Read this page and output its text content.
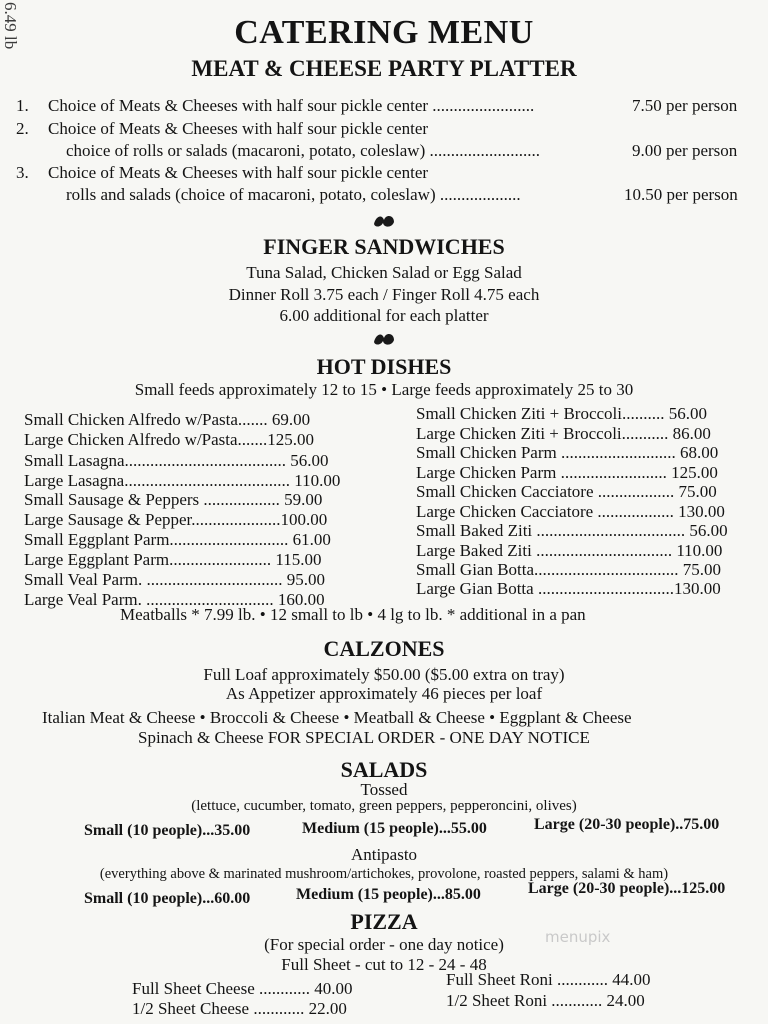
6.49 lb	CATERING MENU
MEAT & CHEESE PARTY PLATTER
1. Choice of Meats & Cheeses with half sour pickle center ........................	7.50 per person
2. Choice of Meats & Cheeses with half sour pickle center
choice of rolls or salads (macaroni, potato, coleslaw) ..........................	9.00 per person
3. Choice of Meats & Cheeses with half sour pickle center
rolls and salads (choice of macaroni, potato, coleslaw) ...................	10.50 per person
FINGER SANDWICHES
Tuna Salad, Chicken Salad or Egg Salad
Dinner Roll 3.75 each / Finger Roll 4.75 each
6.00 additional for each platter
HOT DISHES
Small feeds approximately 12 to 15 • Large feeds approximately 25 to 30
Small Chicken Alfredo w/Pasta....... 69.00
Large Chicken Alfredo w/Pasta.......125.00
Small Lasagna...................................... 56.00
Large Lasagna....................................... 110.00
Small Sausage & Peppers .................. 59.00
Large Sausage & Pepper.....................100.00
Small Eggplant Parm............................ 61.00
Large Eggplant Parm........................ 115.00
Small Veal Parm. ................................ 95.00
Large Veal Parm. .............................. 160.00
Small Chicken Ziti + Broccoli.......... 56.00
Large Chicken Ziti + Broccoli........... 86.00
Small Chicken Parm ........................... 68.00
Large Chicken Parm ......................... 125.00
Small Chicken Cacciatore .................. 75.00
Large Chicken Cacciatore .................. 130.00
Small Baked Ziti ................................... 56.00
Large Baked Ziti ................................ 110.00
Small Gian Botta.................................. 75.00
Large Gian Botta ................................130.00
Meatballs * 7.99 lb. • 12 small to lb • 4 lg to lb. * additional in a pan
CALZONES
Full Loaf approximately $50.00 ($5.00 extra on tray)
As Appetizer approximately 46 pieces per loaf
Italian Meat & Cheese • Broccoli & Cheese • Meatball & Cheese • Eggplant & Cheese
Spinach & Cheese FOR SPECIAL ORDER - ONE DAY NOTICE
SALADS
Tossed
(lettuce, cucumber, tomato, green peppers, pepperoncini, olives)
Small (10 people)...35.00	Medium (15 people)...55.00	Large (20-30 people)..75.00
Antipasto
(everything above & marinated mushroom/artichokes, provolone, roasted peppers, salami & ham)
Small (10 people)...60.00	Medium (15 people)...85.00	Large (20-30 people)...125.00
PIZZA
(For special order - one day notice)
Full Sheet - cut to 12 - 24 - 48
Full Sheet Cheese ............ 40.00
1/2 Sheet Cheese ............ 22.00
Full Sheet Roni ............ 44.00
1/2 Sheet Roni ............ 24.00
menupix
